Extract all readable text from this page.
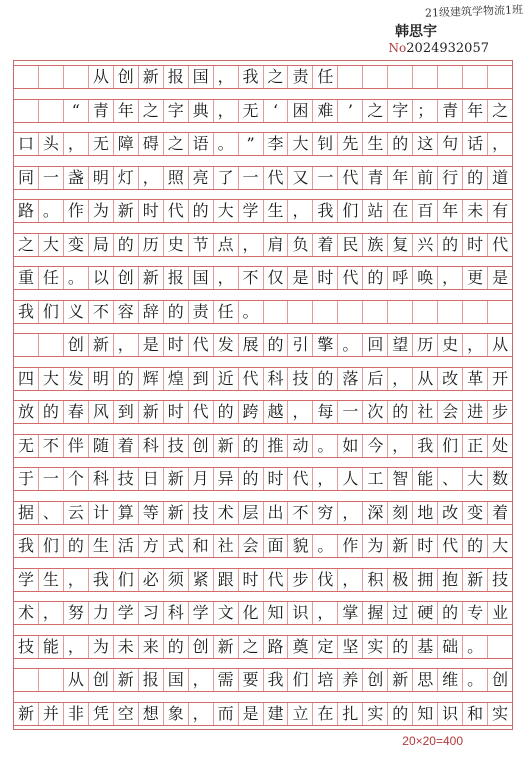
21级建筑学物流1班
韩思宇
No2024932057
从 创 新 报 国 ， 我 之 责 任
“ 青 年 之 字 典 ， 无 ‘ 困 难 ’ 之 字 ； 青 年 之
口 头 ， 无 障 碍 之 语 。 ” 李 大 钊 先 生 的 这 句 话 ，
同 一 盏 明 灯 ， 照 亮 了 一 代 又 一 代 青 年 前 行 的 道
路 。 作 为 新 时 代 的 大 学 生 ， 我 们 站 在 百 年 未 有
之 大 变 局 的 历 史 节 点 ， 肩 负 着 民 族 复 兴 的 时 代
重 任 。 以 创 新 报 国 ， 不 仅 是 时 代 的 呼 唤 ， 更 是
我 们 义 不 容 辞 的 责 任 。
创 新 ， 是 时 代 发 展 的 引 擎 。 回 望 历 史 ， 从
四 大 发 明 的 辉 煌 到 近 代 科 技 的 落 后 ， 从 改 革 开
放 的 春 风 到 新 时 代 的 跨 越 ， 每 一 次 的 社 会 进 步
无 不 伴 随 着 科 技 创 新 的 推 动 。 如 今 ， 我 们 正 处
于 一 个 科 技 日 新 月 异 的 时 代 ， 人 工 智 能 、 大 数
据 、 云 计 算 等 新 技 术 层 出 不 穷 ， 深 刻 地 改 变 着
我 们 的 生 活 方 式 和 社 会 面 貌 。 作 为 新 时 代 的 大
学 生 ， 我 们 必 须 紧 跟 时 代 步 伐 ， 积 极 拥 抱 新 技
术 ， 努 力 学 习 科 学 文 化 知 识 ， 掌 握 过 硬 的 专 业
技 能 ， 为 未 来 的 创 新 之 路 奠 定 坚 实 的 基 础 。
从 创 新 报 国 ， 需 要 我 们 培 养 创 新 思 维 。 创
新 并 非 凭 空 想 象 ， 而 是 建 立 在 扎 实 的 知 识 和 实
20×20=400
